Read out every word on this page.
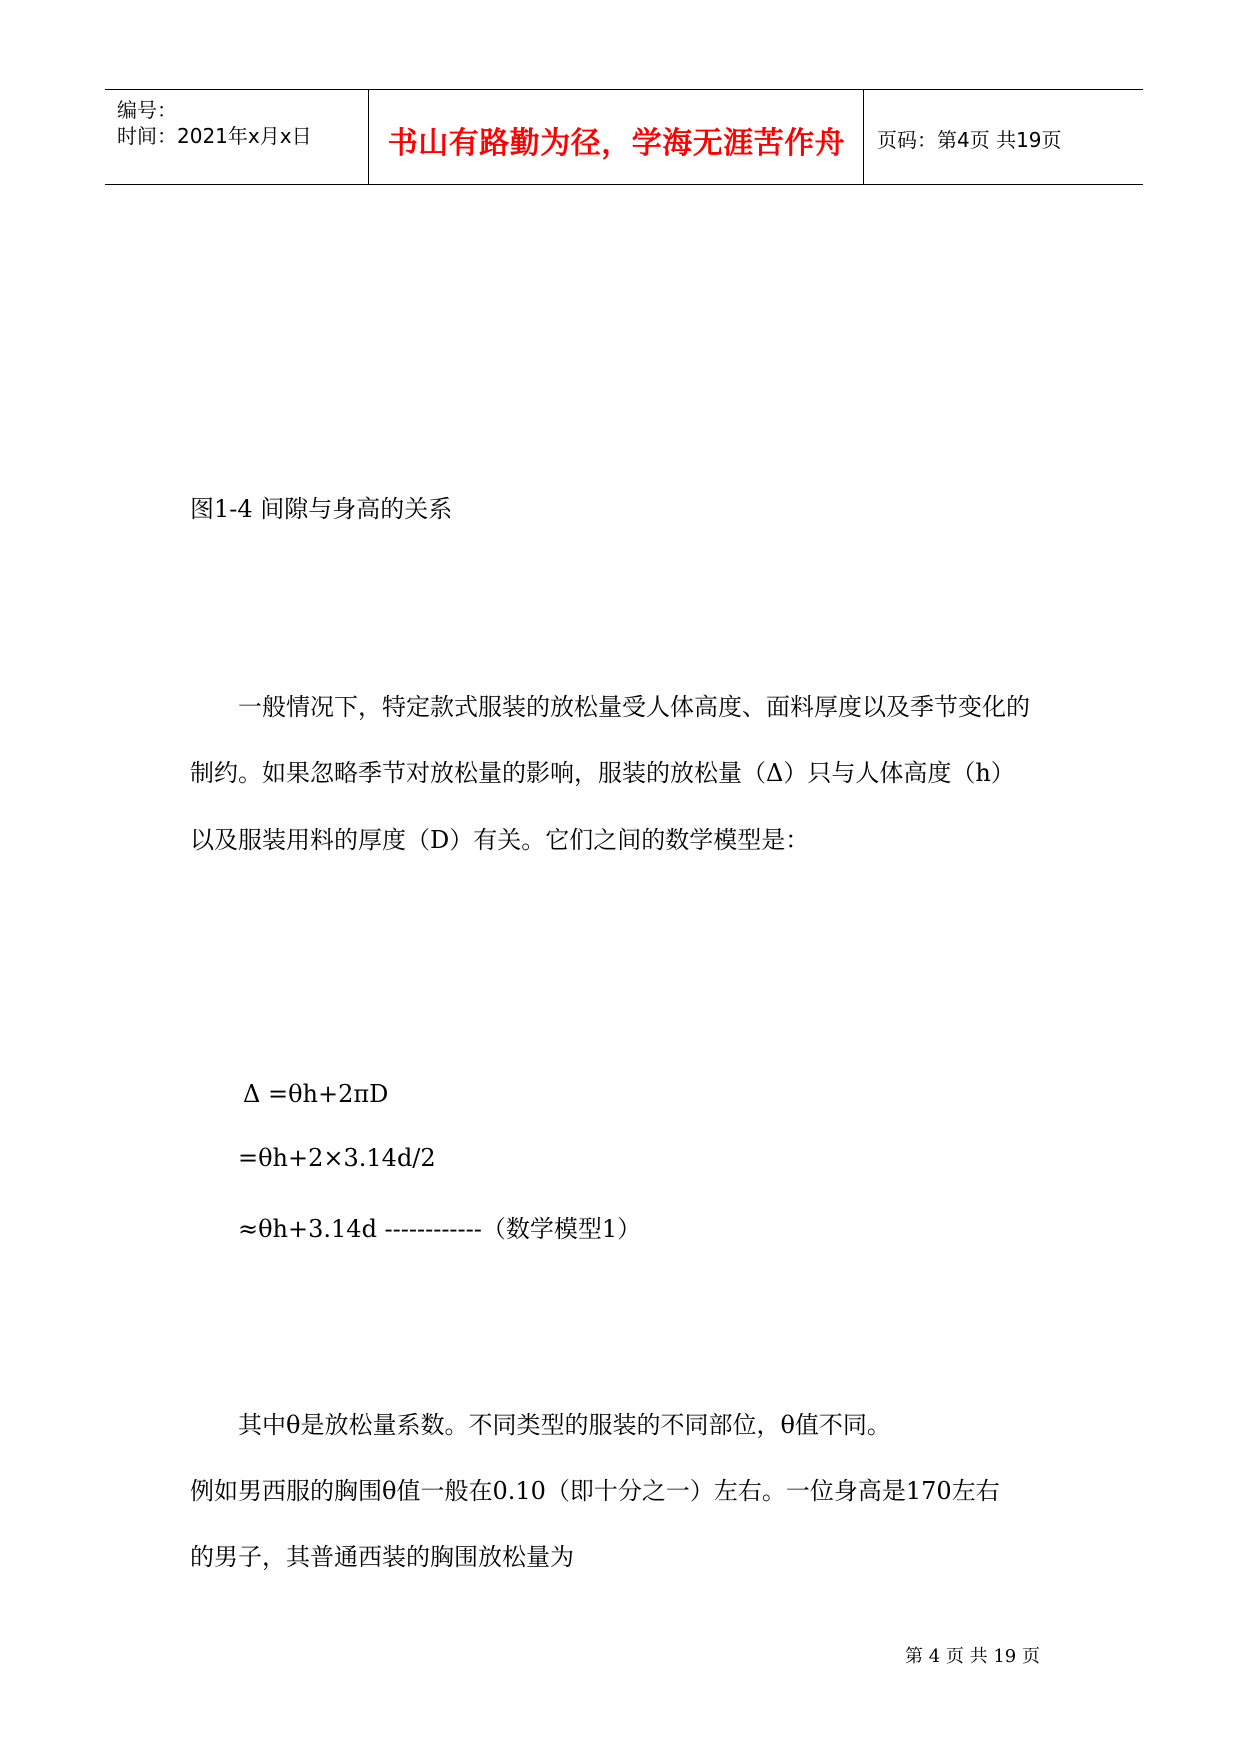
编号：
时间：2021年x月x日	书山有路勤为径，学海无涯苦作舟	页码：第4页 共19页
图1-4 间隙与身高的关系
一般情况下，特定款式服装的放松量受人体高度、面料厚度以及季节变化的
制约。如果忽略季节对放松量的影响，服装的放松量（Δ）只与人体高度（h）
以及服装用料的厚度（D）有关。它们之间的数学模型是：
Δ =θh+2πD
=θh+2×3.14d/2
≈θh+3.14d ------------（数学模型1）
其中θ是放松量系数。不同类型的服装的不同部位，θ值不同。
例如男西服的胸围θ值一般在0.10（即十分之一）左右。一位身高是170左右
的男子，其普通西装的胸围放松量为
第 4 页 共 19 页
